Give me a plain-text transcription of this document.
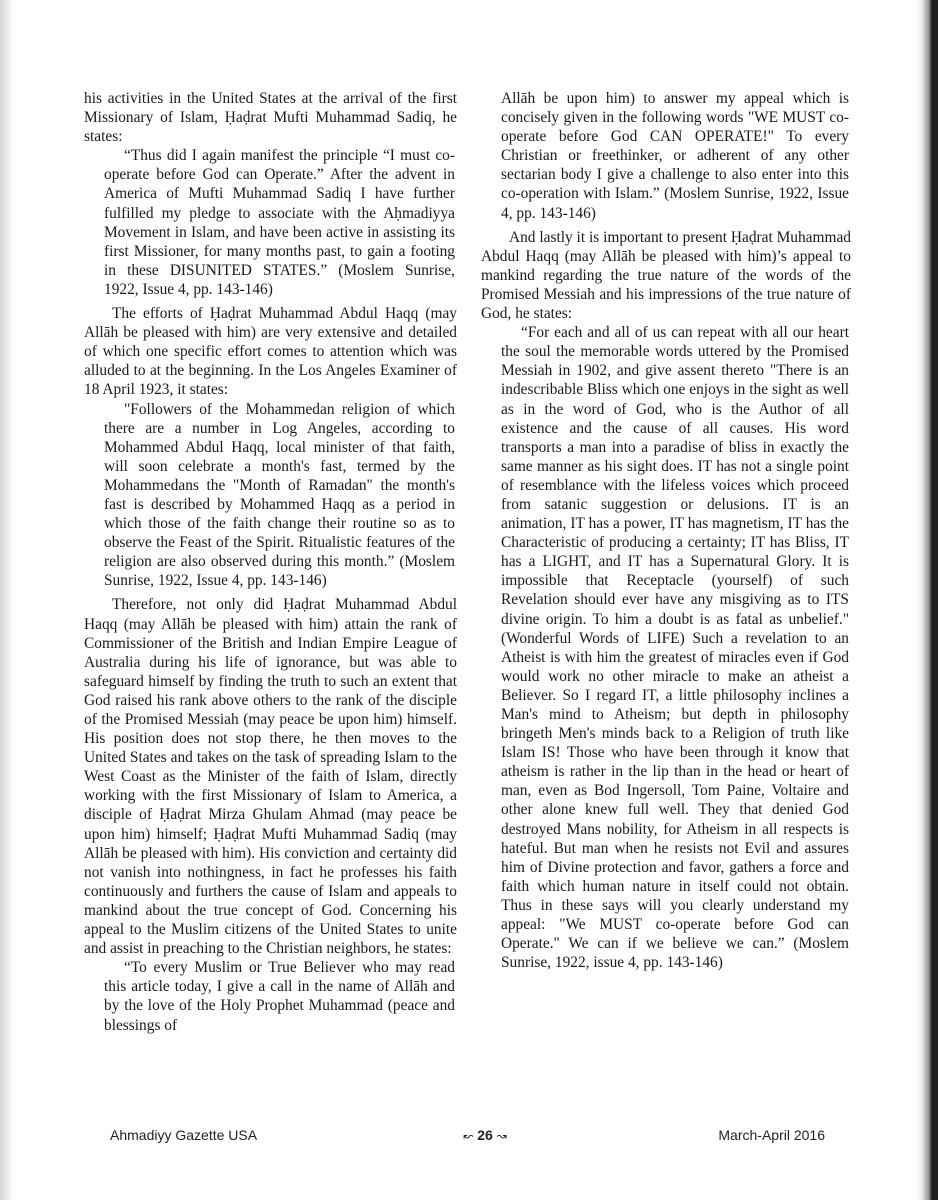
his activities in the United States at the arrival of the first Missionary of Islam, Ḥaḍrat Mufti Muhammad Sadiq, he states:

“Thus did I again manifest the principle “I must co-operate before God can Operate.” After the advent in America of Mufti Muhammad Sadiq I have further fulfilled my pledge to associate with the Aḥmadiyya Movement in Islam, and have been active in assisting its first Missioner, for many months past, to gain a footing in these DISUNITED STATES.” (Moslem Sunrise, 1922, Issue 4, pp. 143-146)

The efforts of Ḥaḍrat Muhammad Abdul Haqq (may Allāh be pleased with him) are very extensive and detailed of which one specific effort comes to attention which was alluded to at the beginning. In the Los Angeles Examiner of 18 April 1923, it states:

"Followers of the Mohammedan religion of which there are a number in Log Angeles, according to Mohammed Abdul Haqq, local minister of that faith, will soon celebrate a month's fast, termed by the Mohammedans the "Month of Ramadan" the month's fast is described by Mohammed Haqq as a period in which those of the faith change their routine so as to observe the Feast of the Spirit. Ritualistic features of the religion are also observed during this month.” (Moslem Sunrise, 1922, Issue 4, pp. 143-146)

Therefore, not only did Ḥaḍrat Muhammad Abdul Haqq (may Allāh be pleased with him) attain the rank of Commissioner of the British and Indian Empire League of Australia during his life of ignorance, but was able to safeguard himself by finding the truth to such an extent that God raised his rank above others to the rank of the disciple of the Promised Messiah (may peace be upon him) himself. His position does not stop there, he then moves to the United States and takes on the task of spreading Islam to the West Coast as the Minister of the faith of Islam, directly working with the first Missionary of Islam to America, a disciple of Ḥaḍrat Mirza Ghulam Ahmad (may peace be upon him) himself; Ḥaḍrat Mufti Muhammad Sadiq (may Allāh be pleased with him). His conviction and certainty did not vanish into nothingness, in fact he professes his faith continuously and furthers the cause of Islam and appeals to mankind about the true concept of God. Concerning his appeal to the Muslim citizens of the United States to unite and assist in preaching to the Christian neighbors, he states:

“To every Muslim or True Believer who may read this article today, I give a call in the name of Allāh and by the love of the Holy Prophet Muhammad (peace and blessings of

Allāh be upon him) to answer my appeal which is concisely given in the following words "WE MUST co-operate before God CAN OPERATE!" To every Christian or freethinker, or adherent of any other sectarian body I give a challenge to also enter into this co-operation with Islam.” (Moslem Sunrise, 1922, Issue 4, pp. 143-146)

And lastly it is important to present Ḥaḍrat Muhammad Abdul Haqq (may Allāh be pleased with him)’s appeal to mankind regarding the true nature of the words of the Promised Messiah and his impressions of the true nature of God, he states:

“For each and all of us can repeat with all our heart the soul the memorable words uttered by the Promised Messiah in 1902, and give assent thereto "There is an indescribable Bliss which one enjoys in the sight as well as in the word of God, who is the Author of all existence and the cause of all causes. His word transports a man into a paradise of bliss in exactly the same manner as his sight does. IT has not a single point of resemblance with the lifeless voices which proceed from satanic suggestion or delusions. IT is an animation, IT has a power, IT has magnetism, IT has the Characteristic of producing a certainty; IT has Bliss, IT has a LIGHT, and IT has a Supernatural Glory. It is impossible that Receptacle (yourself) of such Revelation should ever have any misgiving as to ITS divine origin. To him a doubt is as fatal as unbelief." (Wonderful Words of LIFE) Such a revelation to an Atheist is with him the greatest of miracles even if God would work no other miracle to make an atheist a Believer. So I regard IT, a little philosophy inclines a Man's mind to Atheism; but depth in philosophy bringeth Men's minds back to a Religion of truth like Islam IS! Those who have been through it know that atheism is rather in the lip than in the head or heart of man, even as Bod Ingersoll, Tom Paine, Voltaire and other alone knew full well. They that denied God destroyed Mans nobility, for Atheism in all respects is hateful. But man when he resists not Evil and assures him of Divine protection and favor, gathers a force and faith which human nature in itself could not obtain. Thus in these says will you clearly understand my appeal: "We MUST co-operate before God can Operate." We can if we believe we can.” (Moslem Sunrise, 1922, issue 4, pp. 143-146)

Ahmadiyy Gazette USA	↜ 26 ↝	March-April 2016
